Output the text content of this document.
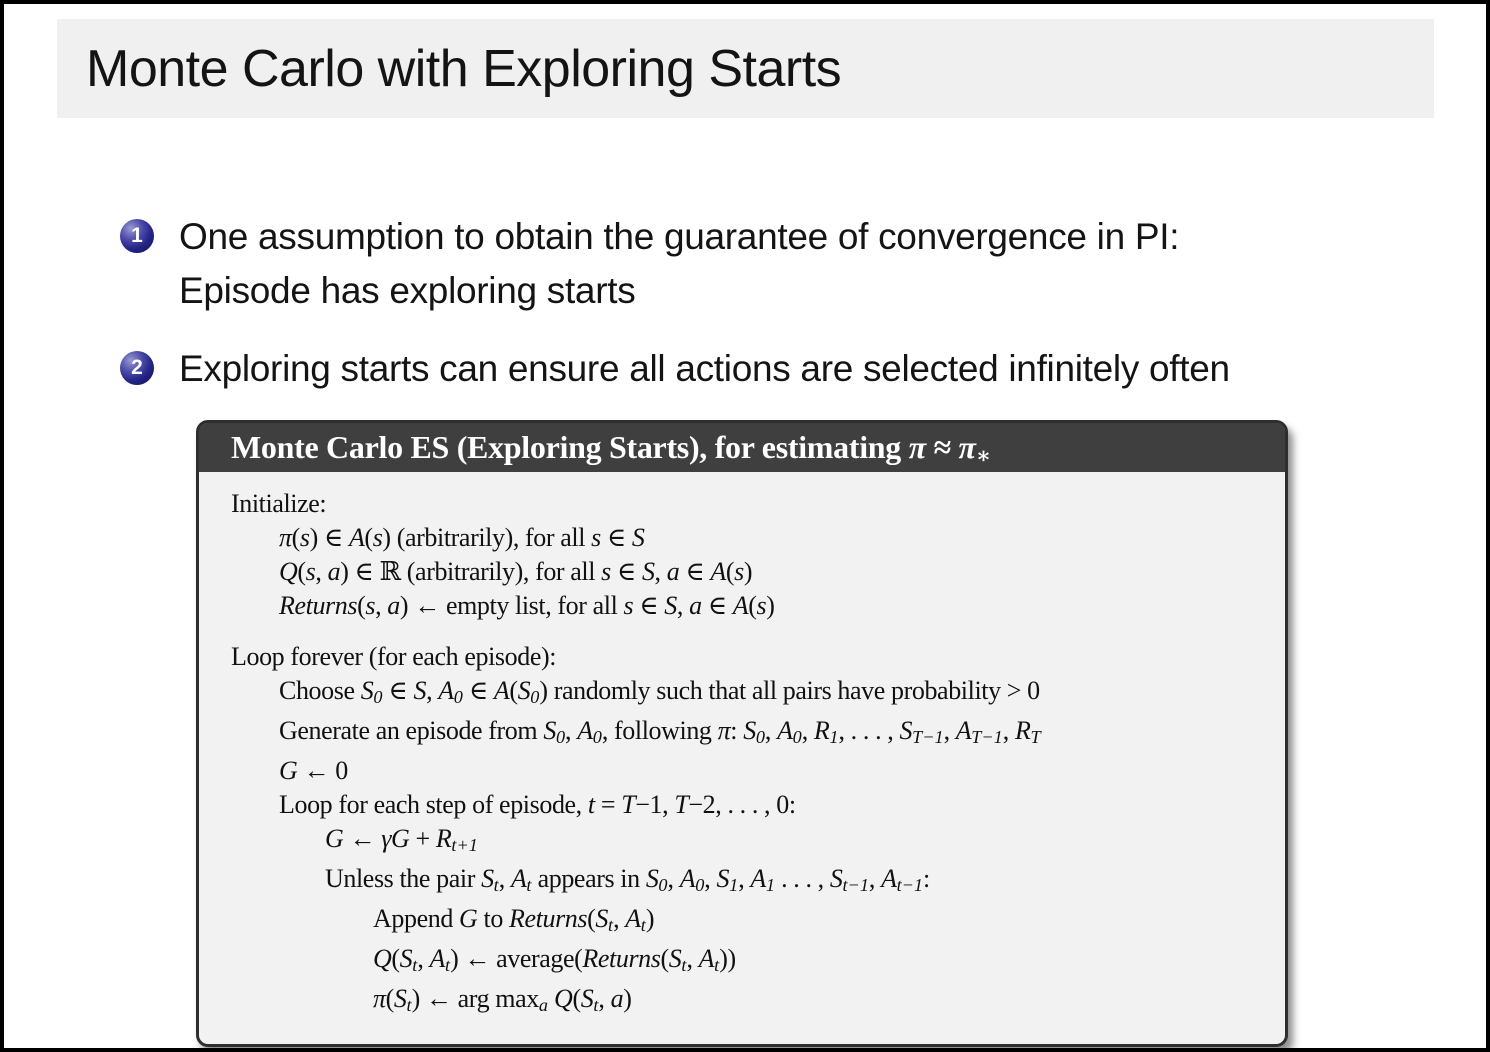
Monte Carlo with Exploring Starts
1 One assumption to obtain the guarantee of convergence in PI:
Episode has exploring starts
2 Exploring starts can ensure all actions are selected infinitely often
Monte Carlo ES (Exploring Starts), for estimating π ≈ π∗
Initialize:
π(s) ∈ A(s) (arbitrarily), for all s ∈ S
Q(s, a) ∈ ℝ (arbitrarily), for all s ∈ S, a ∈ A(s)
Returns(s, a) ← empty list, for all s ∈ S, a ∈ A(s)
Loop forever (for each episode):
Choose S0 ∈ S, A0 ∈ A(S0) randomly such that all pairs have probability > 0
Generate an episode from S0, A0, following π: S0, A0, R1, . . . , ST−1, AT−1, RT
G ← 0
Loop for each step of episode, t = T−1, T−2, . . . , 0:
G ← γG + Rt+1
Unless the pair St, At appears in S0, A0, S1, A1 . . . , St−1, At−1:
Append G to Returns(St, At)
Q(St, At) ← average(Returns(St, At))
π(St) ← arg maxa Q(St, a)
